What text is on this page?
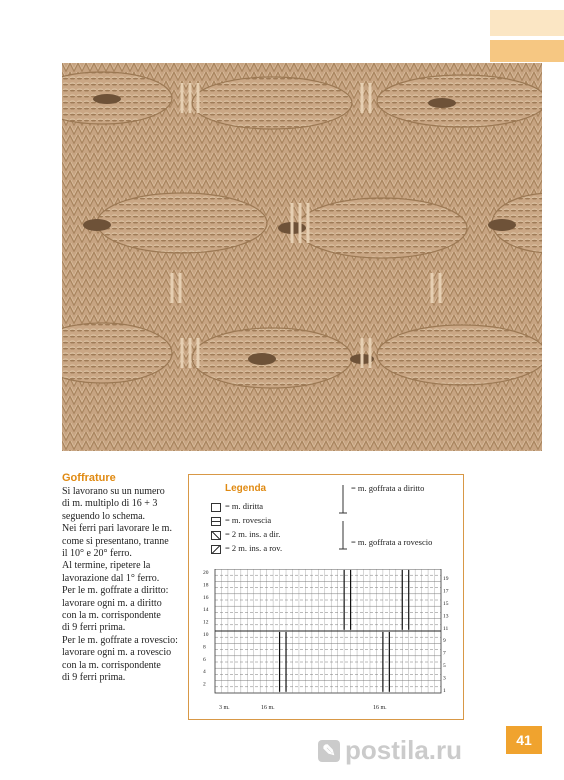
Goffrature
Si lavorano su un numero
di m. multiplo di 16 + 3
seguendo lo schema.
Nei ferri pari lavorare le m.
come si presentano, tranne
il 10° e 20° ferro.
Al termine, ripetere la
lavorazione dal 1° ferro.
Per le m. goffrate a diritto:
lavorare ogni m. a diritto
con la m. corrispondente
di 9 ferri prima.
Per le m. goffrate a rovescio:
lavorare ogni m. a rovescio
con la m. corrispondente
di 9 ferri prima.
Legenda
= m. diritta
= m. rovescia
= 2 m. ins. a dir.
= 2 m. ins. a rov.
= m. goffrata a diritto
= m. goffrata a rovescio
20
18
16
14
12
10
8
6
4
2
19
17
15
13
11
9
7
5
3
1
3 m.	16 m.	16 m.
41
✎ postila.ru
